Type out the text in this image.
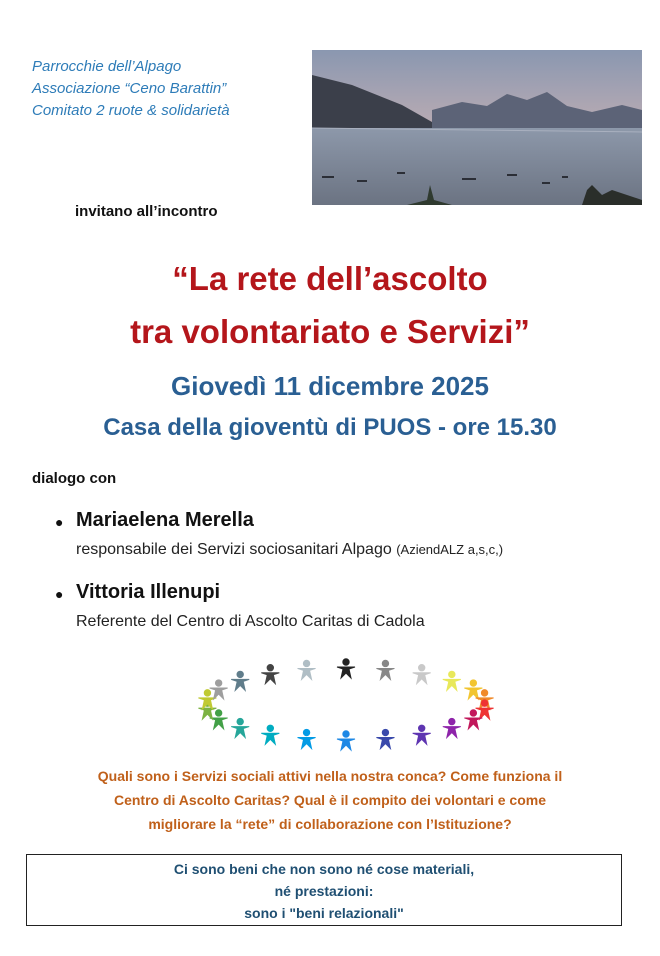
Parrocchie dell’Alpago
Associazione “Ceno Barattin”
Comitato 2 ruote & solidarietà
invitano all’incontro
“La rete dell’ascolto
tra volontariato e Servizi”
Giovedì 11 dicembre 2025
Casa della gioventù di PUOS - ore 15.30
dialogo con
● Mariaelena Merella
responsabile dei Servizi sociosanitari Alpago (AziendALZ a,s,c,)
● Vittoria Illenupi
Referente del Centro di Ascolto Caritas di Cadola
Quali sono i Servizi sociali attivi nella nostra conca? Come funziona il
Centro di Ascolto Caritas? Qual è il compito dei volontari e come
migliorare la “rete” di collaborazione con l’Istituzione?
Ci sono beni che non sono né cose materiali,
né prestazioni:
sono i "beni relazionali"
